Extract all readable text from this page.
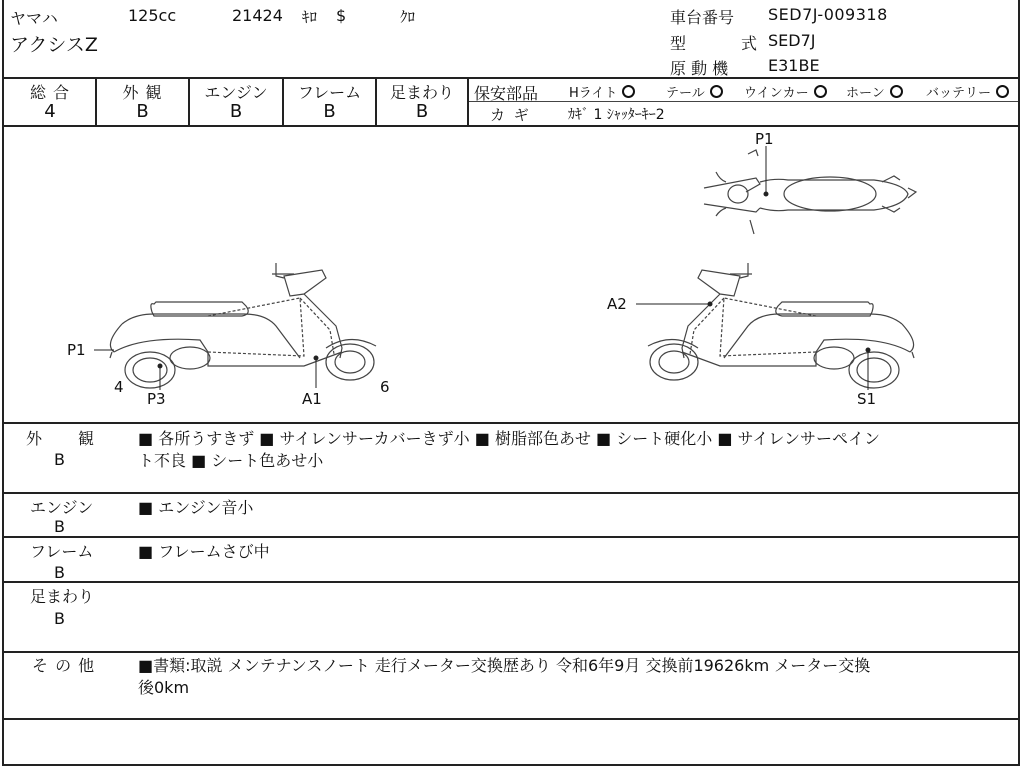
ヤマハ	125cc	21424 ｷﾛ $	ｸﾛ
アクシスZ
車台番号 SED7J-009318
型	式 SED7J
原 動 機 E31BE
総 合
4
外 観
B
エンジン
B
フレーム
B
足まわり
B
保安部品 Hライト	テール	ウインカー	ホーン	バッテリー
カ ギ	ｶｷﾞ 1 ｼｬｯﾀｰｷｰ2
P1
A2
P1
4
P3	A1
6
S1
外 観
B
■ 各所うすきず ■ サイレンサーカバーきず小 ■ 樹脂部色あせ ■ シート硬化小 ■ サイレンサーペイン
ト不良 ■ シート色あせ小
エンジン
B
■ エンジン音小
フレーム
B
■ フレームさび中
足まわり
B
そ の 他	■書類:取説 メンテナンスノート 走行メーター交換歴あり 令和6年9月 交換前19626km メーター交換
後0km
